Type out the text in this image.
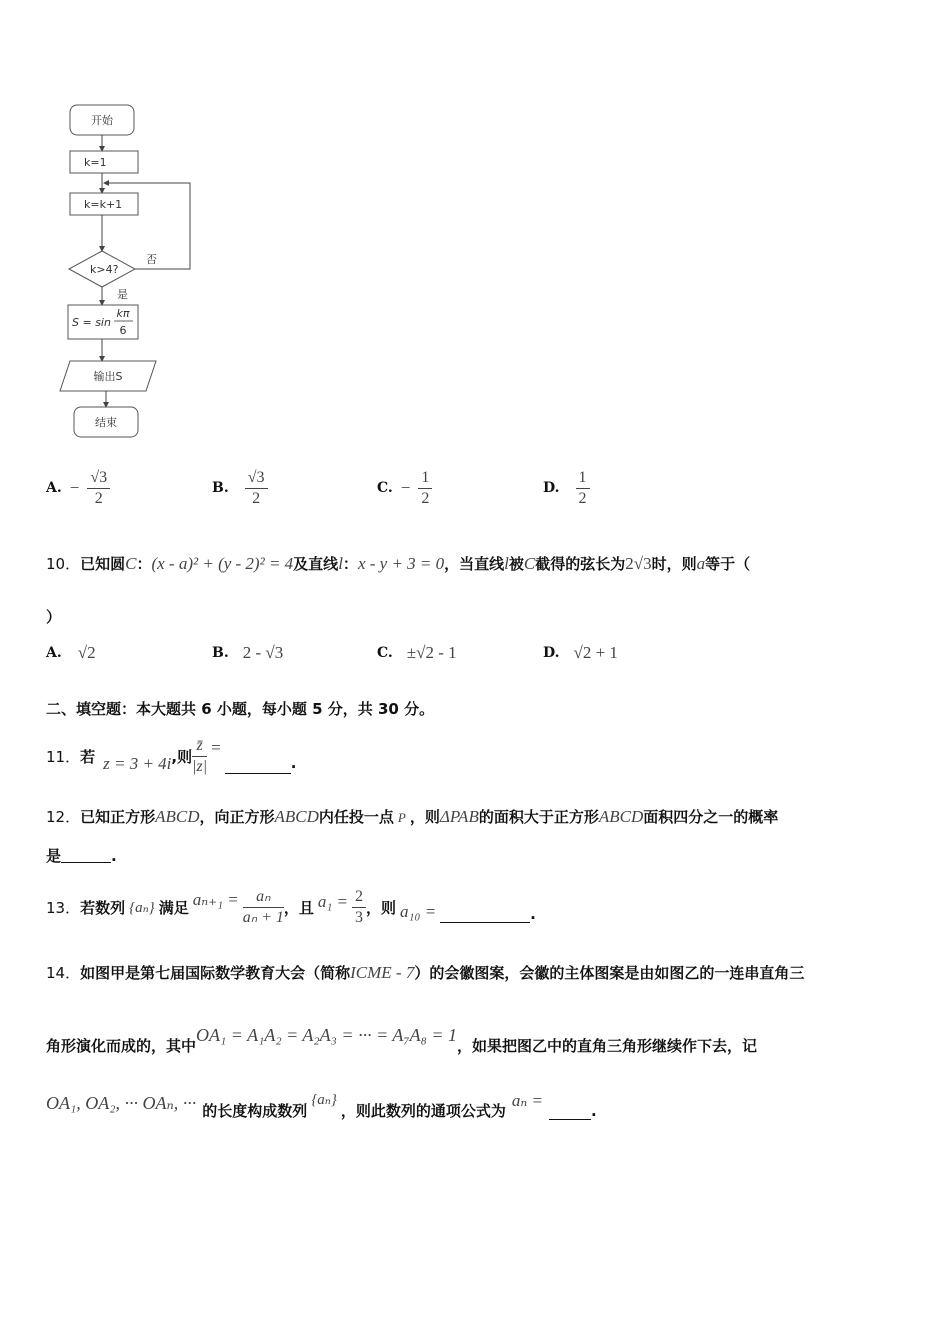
开始
k=1
k=k+1
k>4?
否
是
S = sin
kπ
6
输出S
结束
A. − $\frac{√3}{2}$	B. $\frac{√3}{2}$	C. − $\frac{1}{2}$	D. $\frac{1}{2}$
10．已知圆C：(x - a)² + (y - 2)² = 4及直线l：x - y + 3 = 0，当直线l被C截得的弦长为2√3时，则a等于（
）
A. √2	B. 2 - √3	C. ±√2 - 1	D. √2 + 1
二、填空题：本大题共 6 小题，每小题 5 分，共 30 分。
11． 若 z = 3 + 4i ,则 $\frac{z̄}{|z|}$ =
.
12．已知正方形ABCD，向正方形ABCD内任投一点 P ，则ΔPAB的面积大于正方形ABCD面积四分之一的概率
是	.
13． 若数列 {aₙ} 满足 $a_{n+1} = \frac{\text{aₙ}}{\text{aₙ + 1}}$ ，且 $a_1 = \frac{2}{3}$ ，则 a₁₀ =	.
14．如图甲是第七届国际数学教育大会（简称ICME - 7）的会徽图案，会徽的主体图案是由如图乙的一连串直角三
角形演化而成的，其中
OA₁ = A₁A₂ = A₂A₃ = ··· = A₇A₈ = 1
，如果把图乙中的直角三角形继续作下去，记
OA₁, OA₂, ··· OAₙ, ··· 的长度构成数列
{aₙ}
，则此数列的通项公式为
aₙ =
.
